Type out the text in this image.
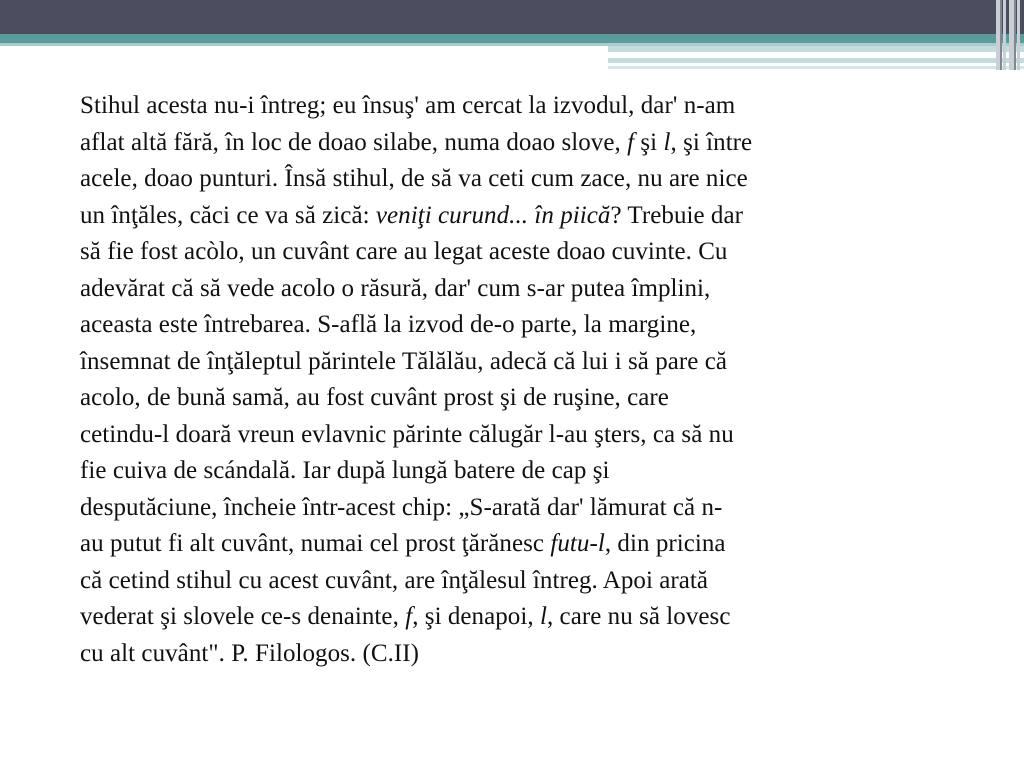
Stihul acesta nu-i întreg; eu însuş' am cercat la izvodul, dar' n-am
aflat altă fără, în loc de doao silabe, numa doao slove, f şi l, şi între
acele, doao punturi. Însă stihul, de să va ceti cum zace, nu are nice
un înţăles, căci ce va să zică: veniţi curund... în piică? Trebuie dar
să fie fost acòlo, un cuvânt care au legat aceste doao cuvinte. Cu
adevărat că să vede acolo o răsură, dar' cum s-ar putea împlini,
aceasta este întrebarea. S-află la izvod de-o parte, la margine,
însemnat de înţăleptul părintele Tălălău, adecă că lui i să pare că
acolo, de bună samă, au fost cuvânt prost şi de ruşine, care
cetindu-l doară vreun evlavnic părinte călugăr l-au şters, ca să nu
fie cuiva de scándală. Iar după lungă batere de cap şi
desputăciune, încheie într-acest chip: „S-arată dar' lămurat că n-
au putut fi alt cuvânt, numai cel prost ţărănesc futu-l, din pricina
că cetind stihul cu acest cuvânt, are înţălesul întreg. Apoi arată
vederat şi slovele ce-s denainte, f, şi denapoi, l, care nu să lovesc
cu alt cuvânt". P. Filologos. (C.II)
